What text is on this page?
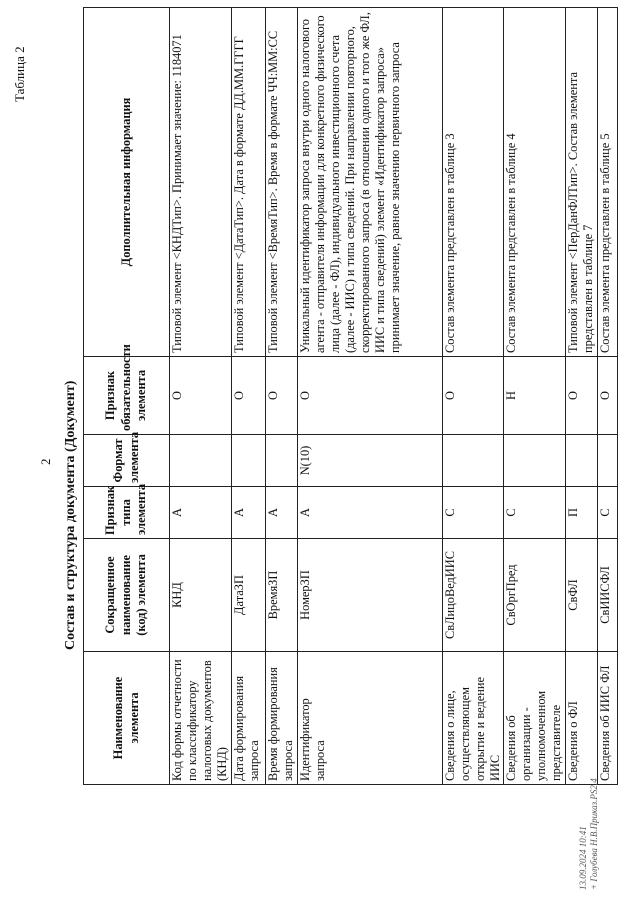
2
Таблица 2
Состав и структура документа (Документ)
Наименование элемента	Сокращенное наименование (код) элемента	Признак типа элемента	Формат элемента	Признак обязательности элемента	Дополнительная информация
Код формы отчетности по классификатору налоговых документов (КНД)	КНД	А		О	Типовой элемент <КНДТип>. Принимает значение: 1184071
Дата формирования запроса	ДатаЗП	А		О	Типовой элемент <ДатаТип>. Дата в формате ДД.ММ.ГГГГ
Время формирования запроса	ВремяЗП	А		О	Типовой элемент <ВремяТип>. Время в формате ЧЧ:ММ:СС
Идентификатор запроса	НомерЗП	А	N(10)	О	Уникальный идентификатор запроса внутри одного налогового агента - отправителя информации для конкретного физического лица (далее - ФЛ), индивидуального инвестиционного счета (далее - ИИС) и типа сведений. При направлении повторного, скорректированного запроса (в отношении одного и того же ФЛ, ИИС и типа сведений) элемент «Идентификатор запроса» принимает значение, равное значению первичного запроса
Сведения о лице, осуществляющем открытие и ведение ИИС	СвЛицоВедИИС	С		О	Состав элемента представлен в таблице 3
Сведения об организации - уполномоченном представителе	СвОргПред	С		Н	Состав элемента представлен в таблице 4
Сведения о ФЛ	СвФЛ	П		О	Типовой элемент <ПерДанФЛТип>. Состав элемента представлен в таблице 7
Сведения об ИИС ФЛ	СвИИСФЛ	С		О	Состав элемента представлен в таблице 5
13.09.2024 10:41 + Голубева Н.В.Приказ.PS2.4
